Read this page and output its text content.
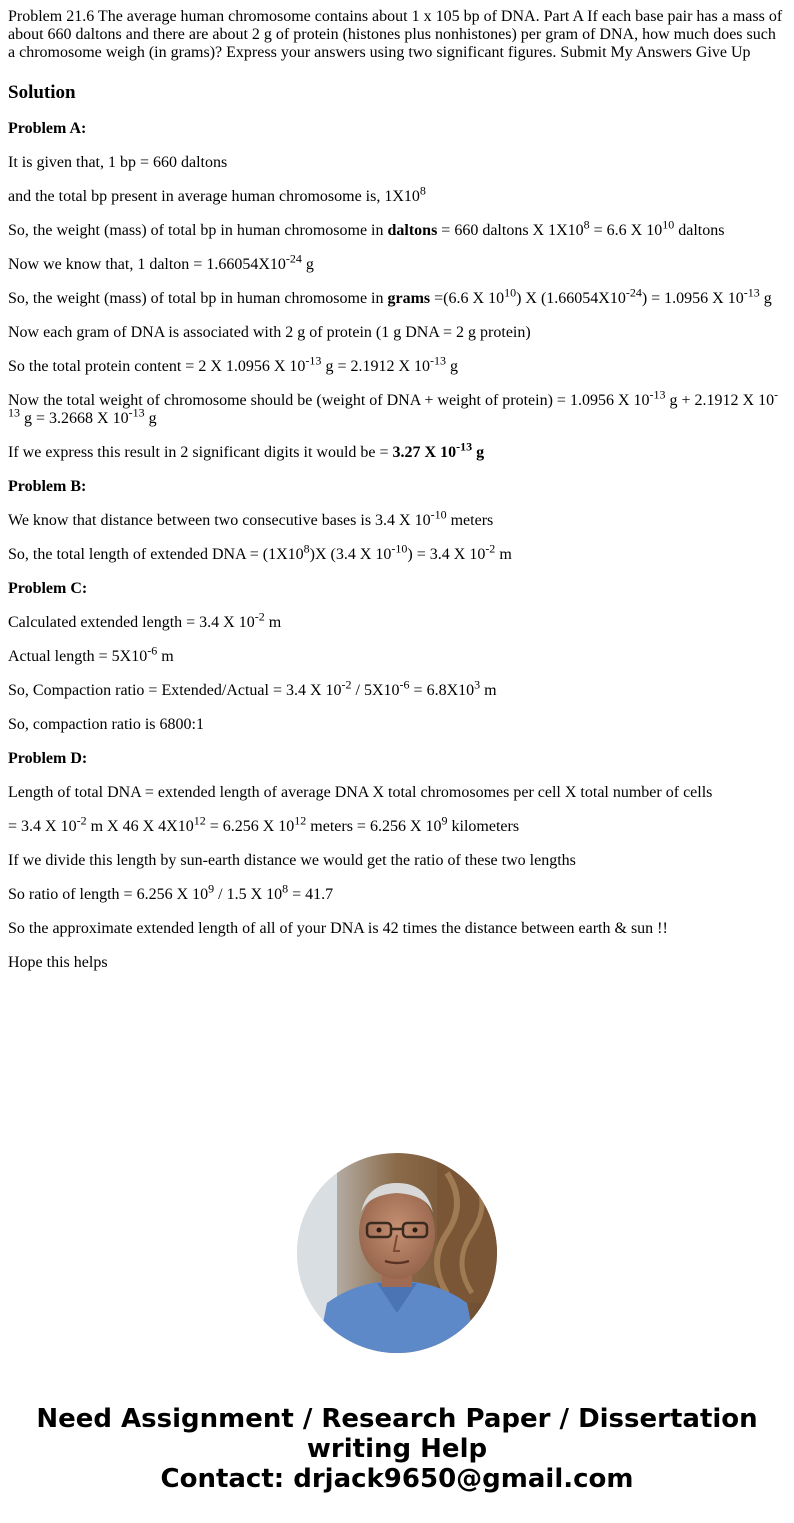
Problem 21.6 The average human chromosome contains about 1 x 105 bp of DNA. Part A If each base pair has a mass of about 660 daltons and there are about 2 g of protein (histones plus nonhistones) per gram of DNA, how much does such a chromosome weigh (in grams)? Express your answers using two significant figures. Submit My Answers Give Up
Solution

Problem A:

It is given that, 1 bp = 660 daltons

and the total bp present in average human chromosome is, $1X10^8$

So, the weight (mass) of total bp in human chromosome in daltons = 660 daltons X $1X10^8 = 6.6$ X $10^{10}$ daltons

Now we know that, 1 dalton = $1.66054X10^{-24}$ g

So, the weight (mass) of total bp in human chromosome in grams =(6.6 X $10^{10}$) X $(1.66054X10^{-24}) = 1.0956$ X $10^{-13}$ g

Now each gram of DNA is associated with 2 g of protein (1 g DNA = 2 g protein)

So the total protein content = 2 X 1.0956 X $10^{-13}$ g = 2.1912 X $10^{-13}$ g

Now the total weight of chromosome should be (weight of DNA + weight of protein) = 1.0956 X $10^{-13}$ g + 2.1912 X $10^{-13}$ g = 3.2668 X $10^{-13}$ g

If we express this result in 2 significant digits it would be = 3.27 X $10^{-13}$ g

Problem B:

We know that distance between two consecutive bases is 3.4 X $10^{-10}$ meters

So, the total length of extended DNA = $(1X10^8)X$ (3.4 X $10^{-10}) = 3.4$ X $10^{-2}$ m

Problem C:

Calculated extended length = 3.4 X $10^{-2}$ m

Actual length = $5X10^{-6}$ m

So, Compaction ratio = Extended/Actual = 3.4 X $10^{-2} / 5X10^{-6} = 6.8X10^3$ m

So, compaction ratio is 6800:1

Problem D:

Length of total DNA = extended length of average DNA X total chromosomes per cell X total number of cells

= 3.4 X $10^{-2}$ m X 46 X $4X10^{12} = 6.256$ X $10^{12}$ meters = 6.256 X $10^9$ kilometers

If we divide this length by sun-earth distance we would get the ratio of these two lengths

So ratio of length = 6.256 X $10^9 / 1.5$ X $10^8 = 41.7$

So the approximate extended length of all of your DNA is 42 times the distance between earth & sun !!

Hope this helps

Need Assignment / Research Paper / Dissertation
writing Help
Contact: drjack9650@gmail.com
